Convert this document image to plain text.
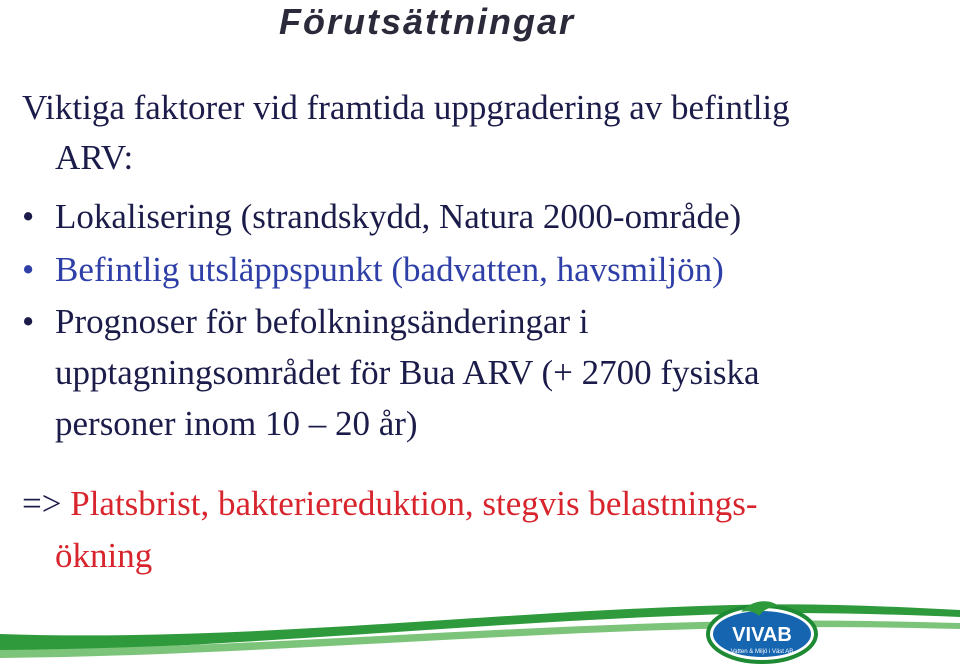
Förutsättningar
Viktiga faktorer vid framtida uppgradering av befintlig
ARV:
• Lokalisering (strandskydd, Natura 2000-område)
• Befintlig utsläppspunkt (badvatten, havsmiljön)
• Prognoser för befolkningsänderingar i
upptagningsområdet för Bua ARV (+ 2700 fysiska
personer inom 10 – 20 år)
=> Platsbrist, bakteriereduktion, stegvis belastnings-
ökning
VIVAB
Vatten & Miljö i Väst AB
